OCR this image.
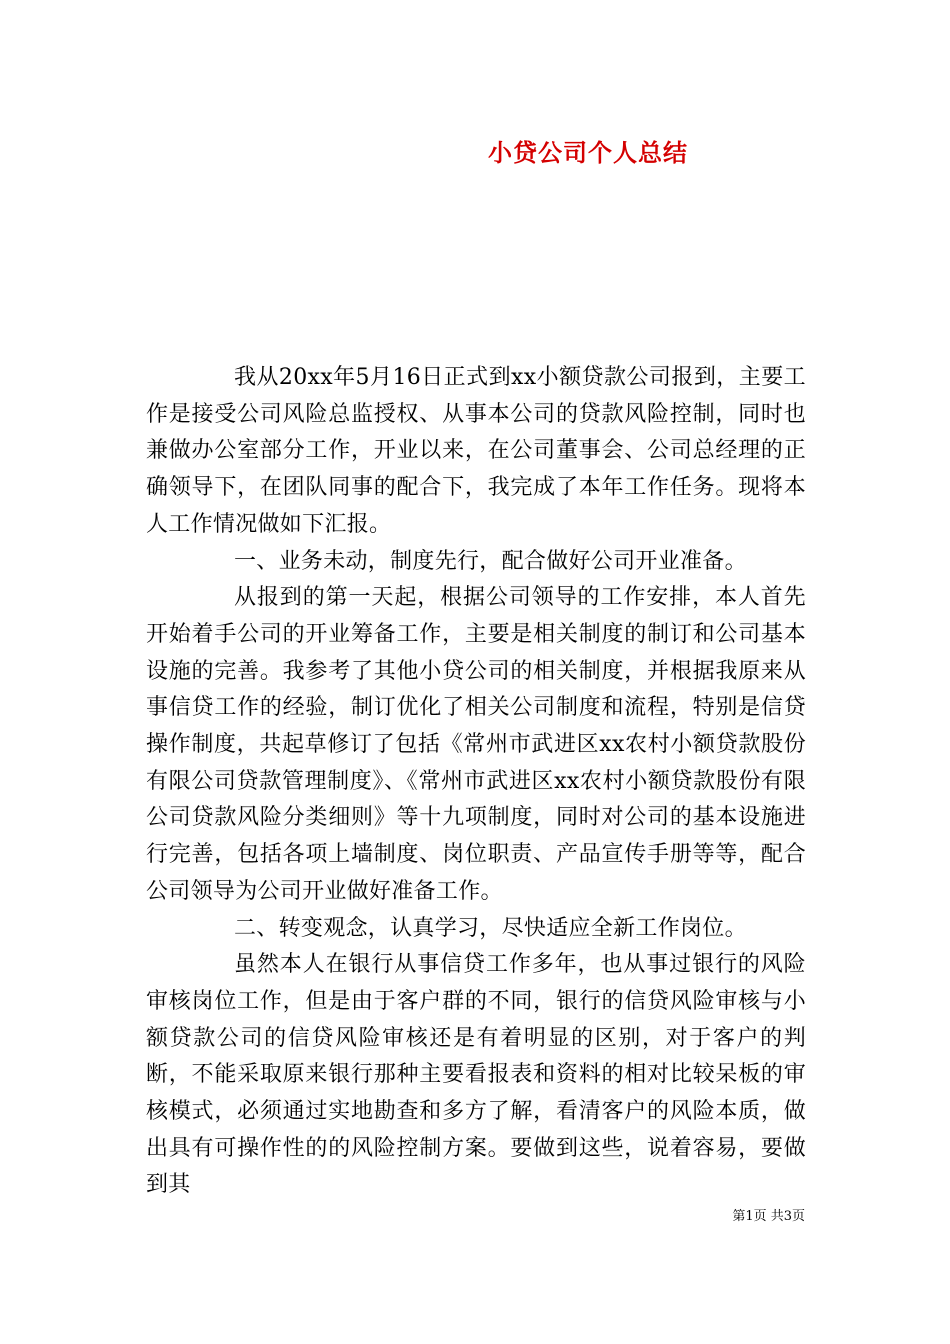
小贷公司个人总结

我从20xx年5月16日正式到xx小额贷款公司报到，主要工作是接受公司风险总监授权、从事本公司的贷款风险控制，同时也兼做办公室部分工作，开业以来，在公司董事会、公司总经理的正确领导下，在团队同事的配合下，我完成了本年工作任务。现将本人工作情况做如下汇报。

一、业务未动，制度先行，配合做好公司开业准备。

从报到的第一天起，根据公司领导的工作安排，本人首先开始着手公司的开业筹备工作，主要是相关制度的制订和公司基本设施的完善。我参考了其他小贷公司的相关制度，并根据我原来从事信贷工作的经验，制订优化了相关公司制度和流程，特别是信贷操作制度，共起草修订了包括《常州市武进区xx农村小额贷款股份有限公司贷款管理制度》、《常州市武进区xx农村小额贷款股份有限公司贷款风险分类细则》等十九项制度，同时对公司的基本设施进行完善，包括各项上墙制度、岗位职责、产品宣传手册等等，配合公司领导为公司开业做好准备工作。

二、转变观念，认真学习，尽快适应全新工作岗位。

虽然本人在银行从事信贷工作多年，也从事过银行的风险审核岗位工作，但是由于客户群的不同，银行的信贷风险审核与小额贷款公司的信贷风险审核还是有着明显的区别，对于客户的判断，不能采取原来银行那种主要看报表和资料的相对比较呆板的审核模式，必须通过实地勘查和多方了解，看清客户的风险本质，做出具有可操作性的的风险控制方案。要做到这些，说着容易，要做到其

第1页 共3页
